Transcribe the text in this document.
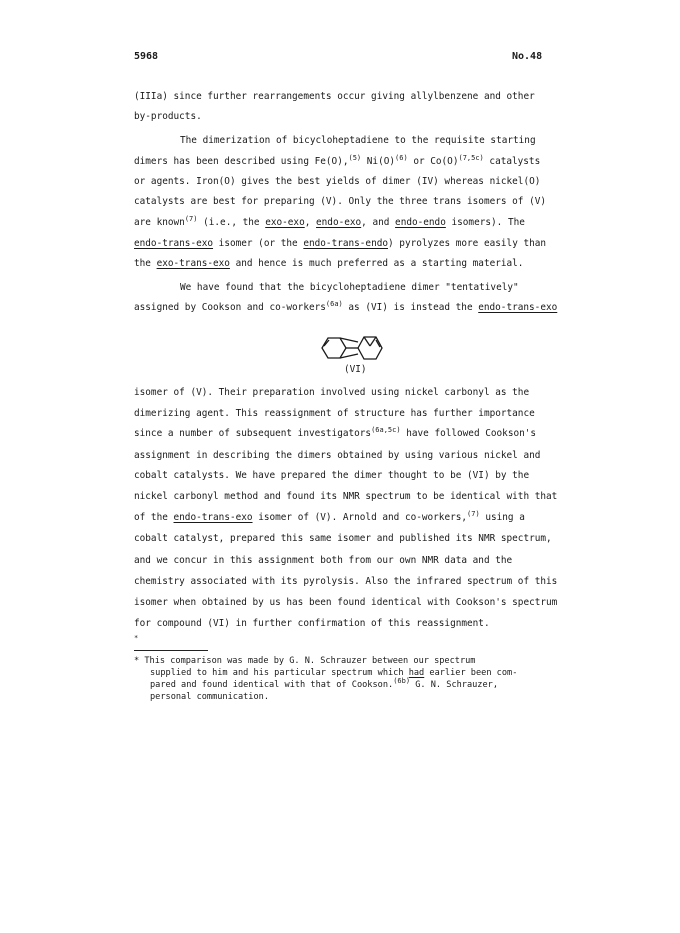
5968	No.48
(IIIa) since further rearrangements occur giving allylbenzene and other
by-products.
The dimerization of bicycloheptadiene to the requisite starting
dimers has been described using Fe(O),$^{(5)}$ $Ni(O)^{(6)}$ or $Co(O)^{(7,5c)}$ catalysts
or agents. Iron(O) gives the best yields of dimer (IV) whereas nickel(O)
catalysts are best for preparing (V). Only the three trans isomers of (V)
are known$^{(7)}$ (i.e., the exo-exo, endo-exo, and endo-endo isomers). The
endo-trans-exo isomer (or the endo-trans-endo) pyrolyzes more easily than
the exo-trans-exo and hence is much preferred as a starting material.
We have found that the bicycloheptadiene dimer "tentatively"
assigned by Cookson and co-workers$^{(6a)}$ as (VI) is instead the endo-trans-exo
(VI)
isomer of (V). Their preparation involved using nickel carbonyl as the
dimerizing agent. This reassignment of structure has further importance
since a number of subsequent investigators$^{(6a,5c)}$ have followed Cookson's
assignment in describing the dimers obtained by using various nickel and
cobalt catalysts. We have prepared the dimer thought to be (VI) by the
nickel carbonyl method and found its NMR spectrum to be identical with that
of the endo-trans-exo isomer of (V). Arnold and co-workers,$^{(7)}$ using a
cobalt catalyst, prepared this same isomer and published its NMR spectrum,
and we concur in this assignment both from our own NMR data and the
chemistry associated with its pyrolysis. Also the infrared spectrum of this
isomer when obtained by us has been found identical with Cookson's spectrum
for compound (VI) in further confirmation of this reassignment.
*
* This comparison was made by G. N. Schrauzer between our spectrum
supplied to him and his particular spectrum which had earlier been com-
pared and found identical with that of Cookson.$^{(6b)}$ G. N. Schrauzer,
personal communication.
